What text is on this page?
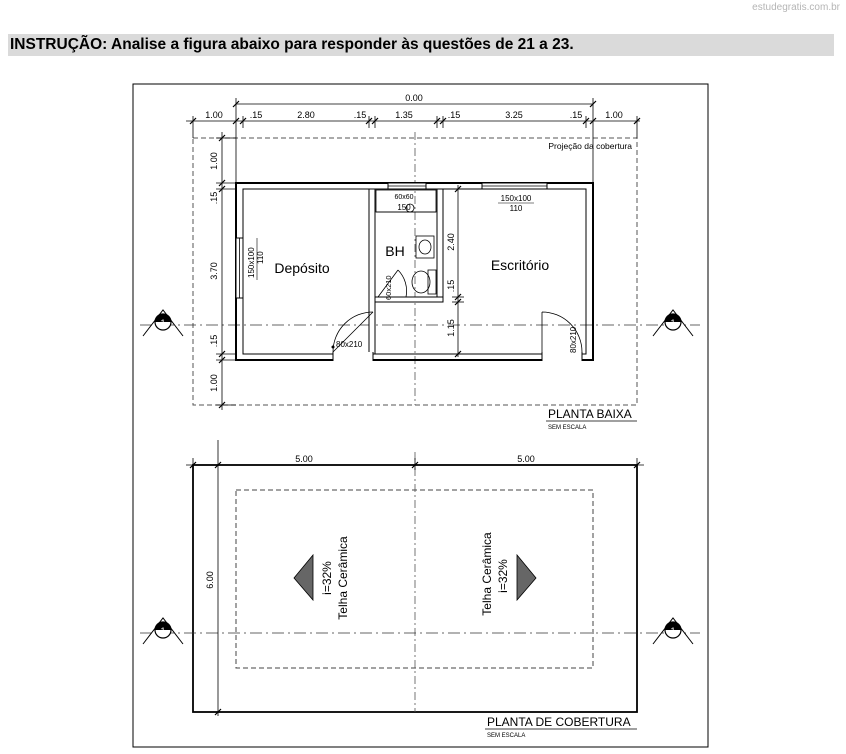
estudegratis.com.br
INSTRUÇÃO: Analise a figura abaixo para responder às questões de 21 a 23.
Depósito
BH
Escritório
150x100 110
150x100
110
60x60
150
60x210
80x210	80x210
Projeção da cobertura
0.00
1.00	.15	2.80	.15	1.35	.15	3.25	.15	1.00
1.00
.15
3.70
.15
1.00
2.40
.15
1.15
1	1
PLANTA BAIXA
SEM ESCALA
5.00	5.00
6.00	i=32% Telha Cerâmica	Telha Cerâmica i=32%
1	1
PLANTA DE COBERTURA
SEM ESCALA
